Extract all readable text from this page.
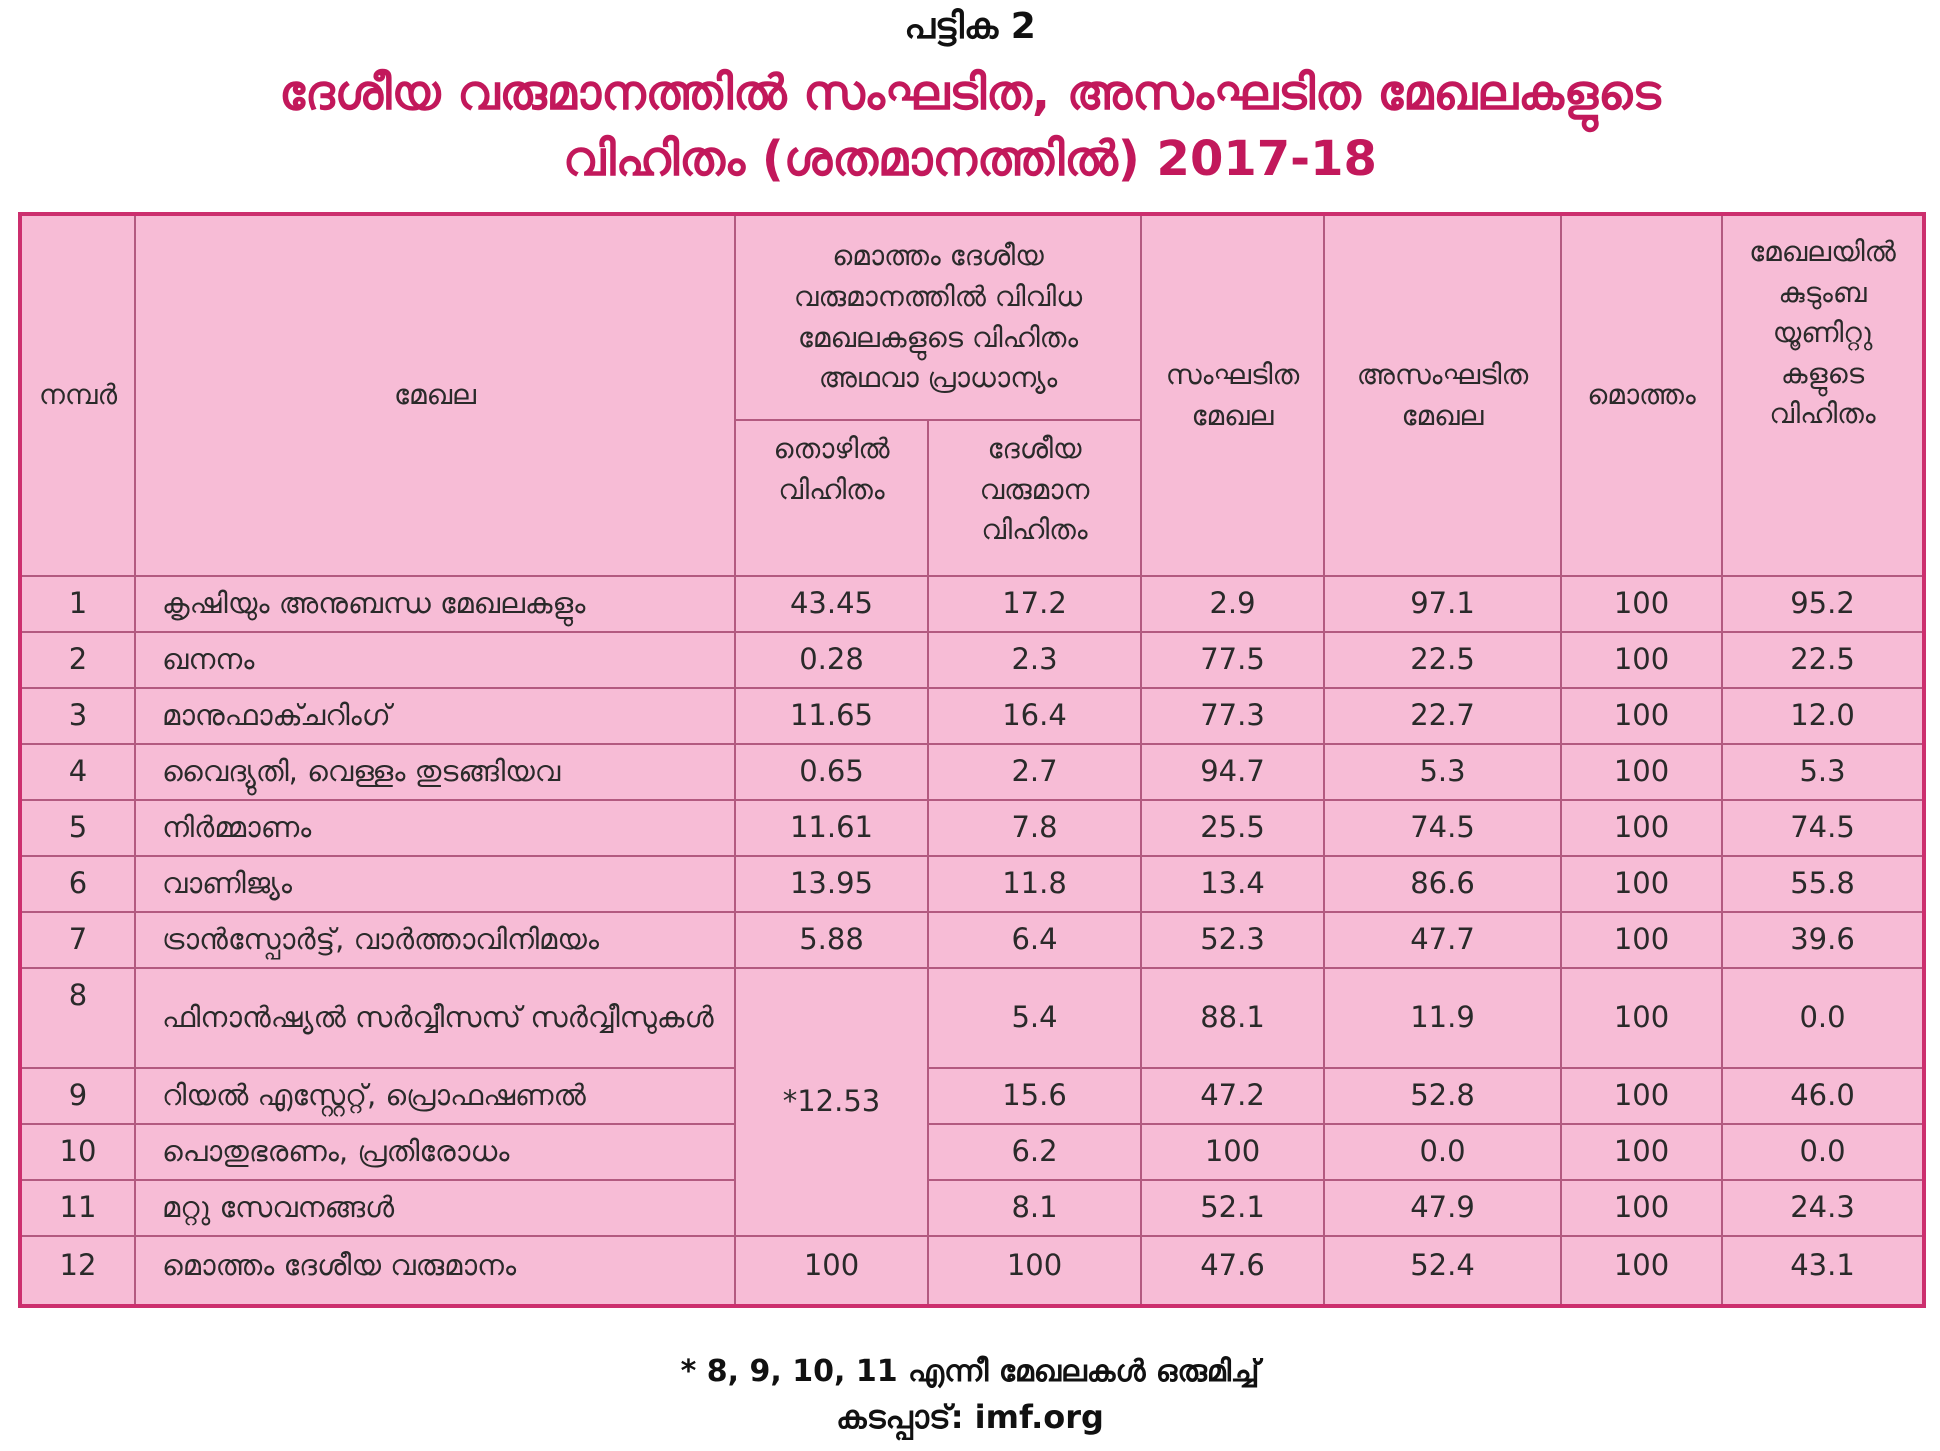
പട്ടിക 2
ദേശീയ വരുമാനത്തിൽ സംഘടിത, അസംഘടിത മേഖലകളുടെ
വിഹിതം (ശതമാനത്തിൽ) 2017-18
നമ്പർ	മേഖല	മൊത്തം ദേശീയ വരുമാനത്തിൽ വിവിധ മേഖലകളുടെ വിഹിതം അഥവാ പ്രാധാന്യം		സംഘടിത മേഖല	അസംഘടിത മേഖല	മൊത്തം	മേഖലയിൽ കുടുംബ യൂണിറ്റു കളുടെ വിഹിതം
		തൊഴിൽ വിഹിതം	ദേശീയ വരുമാന വിഹിതം				
1	കൃഷിയും അനുബന്ധ മേഖലകളും	43.45	17.2	2.9	97.1	100	95.2
2	ഖനനം	0.28	2.3	77.5	22.5	100	22.5
3	മാനുഫാക്ചറിംഗ്	11.65	16.4	77.3	22.7	100	12.0
4	വൈദ്യുതി, വെള്ളം തുടങ്ങിയവ	0.65	2.7	94.7	5.3	100	5.3
5	നിർമ്മാണം	11.61	7.8	25.5	74.5	100	74.5
6	വാണിജ്യം	13.95	11.8	13.4	86.6	100	55.8
7	ട്രാൻസ്പോർട്ട്, വാർത്താവിനിമയം	5.88	6.4	52.3	47.7	100	39.6
8	ഫിനാൻഷ്യൽ സർവ്വീസസ് സർവ്വീസുകൾ	*12.53	5.4	88.1	11.9	100	0.0
9	റിയൽ എസ്റ്റേറ്റ്, പ്രൊഫഷണൽ		15.6	47.2	52.8	100	46.0
10	പൊതുഭരണം, പ്രതിരോധം		6.2	100	0.0	100	0.0
11	മറ്റു സേവനങ്ങൾ		8.1	52.1	47.9	100	24.3
12	മൊത്തം ദേശീയ വരുമാനം	100	100	47.6	52.4	100	43.1
* 8, 9, 10, 11 എന്നീ മേഖലകൾ ഒരുമിച്ച്
കടപ്പാട്: imf.org
